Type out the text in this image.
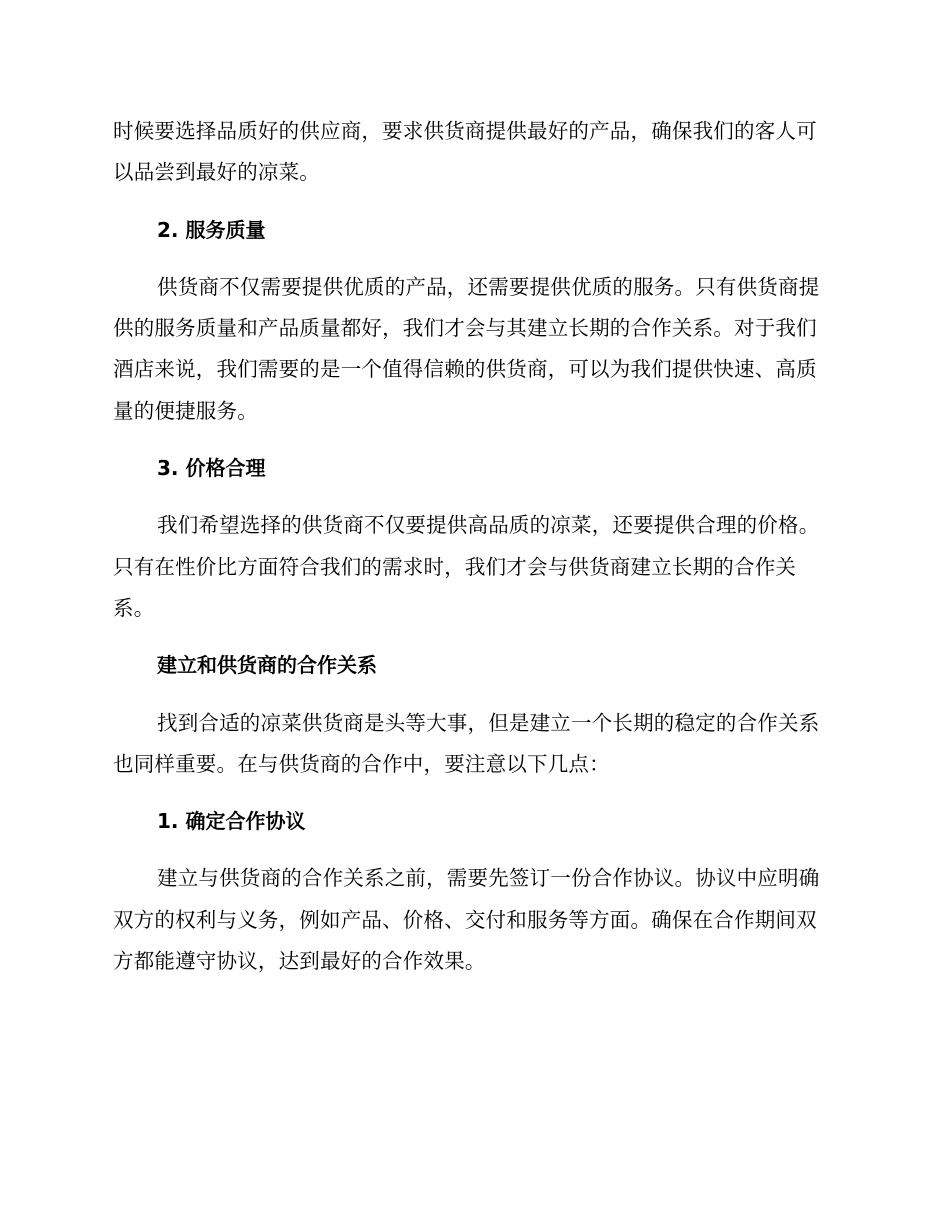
时候要选择品质好的供应商，要求供货商提供最好的产品，确保我们的客人可以品尝到最好的凉菜。

2. 服务质量

供货商不仅需要提供优质的产品，还需要提供优质的服务。只有供货商提供的服务质量和产品质量都好，我们才会与其建立长期的合作关系。对于我们酒店来说，我们需要的是一个值得信赖的供货商，可以为我们提供快速、高质量的便捷服务。

3. 价格合理

我们希望选择的供货商不仅要提供高品质的凉菜，还要提供合理的价格。只有在性价比方面符合我们的需求时，我们才会与供货商建立长期的合作关系。

建立和供货商的合作关系

找到合适的凉菜供货商是头等大事，但是建立一个长期的稳定的合作关系也同样重要。在与供货商的合作中，要注意以下几点：

1. 确定合作协议

建立与供货商的合作关系之前，需要先签订一份合作协议。协议中应明确双方的权利与义务，例如产品、价格、交付和服务等方面。确保在合作期间双方都能遵守协议，达到最好的合作效果。
